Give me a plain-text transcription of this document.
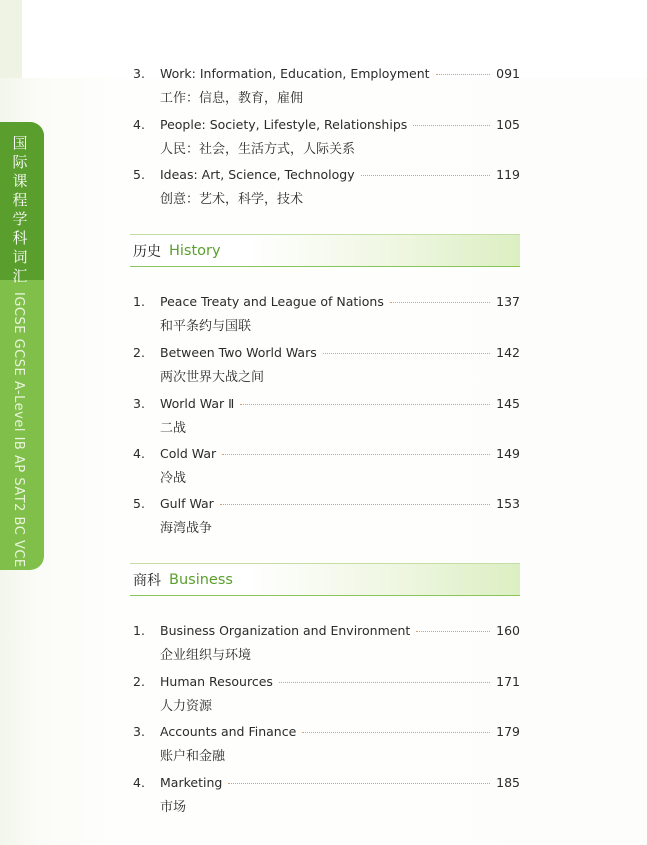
国
际
课
程
学
科
词
汇
IGCSE GCSE A-Level IB AP SAT2 BC VCE
3.	Work: Information, Education, Employment	091
工作：信息，教育，雇佣
4.	People: Society, Lifestyle, Relationships	105
人民：社会，生活方式，人际关系
5.	Ideas: Art, Science, Technology	119
创意：艺术，科学，技术
历史 History
1.	Peace Treaty and League of Nations	137
和平条约与国联
2.	Between Two World Wars	142
两次世界大战之间
3.	World War Ⅱ	145
二战
4.	Cold War	149
冷战
5.	Gulf War	153
海湾战争
商科 Business
1.	Business Organization and Environment	160
企业组织与环境
2.	Human Resources	171
人力资源
3.	Accounts and Finance	179
账户和金融
4.	Marketing	185
市场
